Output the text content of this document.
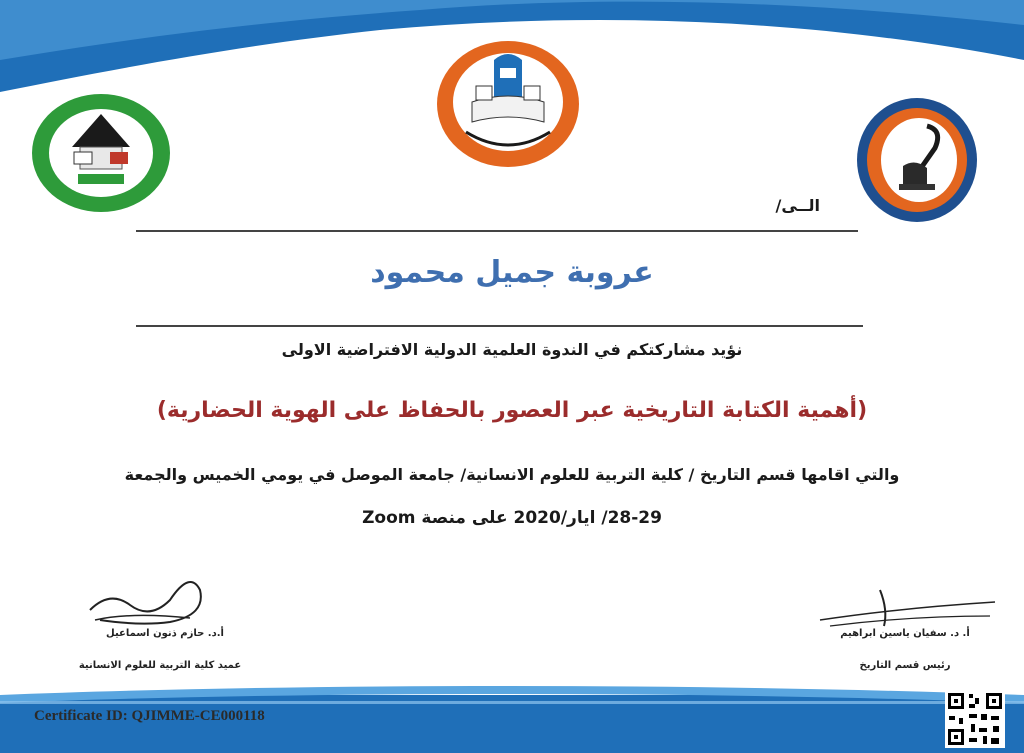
الــى/
عروبة جميل محمود
نؤيد مشاركتكم في الندوة العلمية الدولية الافتراضية الاولى
(أهمية الكتابة التاريخية عبر العصور بالحفاظ على الهوية الحضارية)
والتي اقامها قسم التاريخ / كلية التربية للعلوم الانسانية/ جامعة الموصل في يومي الخميس والجمعة
28-29/ ايار/2020 على منصة Zoom
أ.د. حازم ذنون اسماعيل
عميد كلية التربية للعلوم الانسانية
أ. د. سفيان ياسين ابراهيم
رئيس قسم التاريخ
Certificate ID: QJIMME-CE000118
